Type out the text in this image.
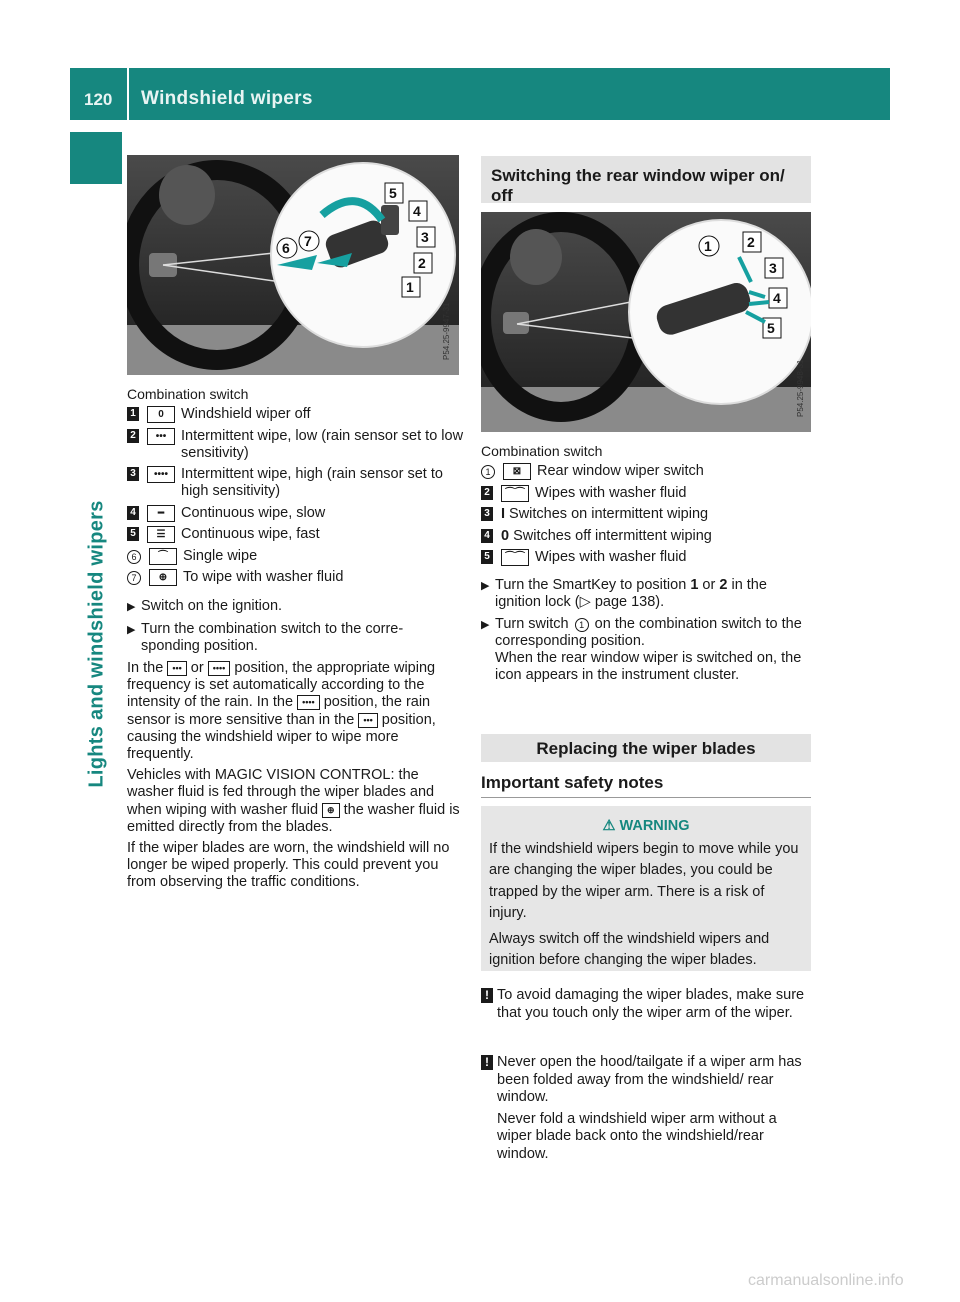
120 Windshield wipers
Lights and windshield wipers
5
4
3
2
1
6 7
P54.25-9947-31
Combination switch
1	0	Windshield wiper off
2	•••	Intermittent wipe, low (rain sensor set to low sensitivity)
3	•••• Intermittent wipe, high (rain sensor set to high sensitivity)
4	━	Continuous wipe, slow
5	☰	Continuous wipe, fast
6	⌒	Single wipe
7	⊕	To wipe with washer fluid
▶ Switch on the ignition.
▶ Turn the combination switch to the corre- sponding position.

In the ••• or •••• position, the appropriate wiping frequency is set automatically according to the intensity of the rain. In the •••• position, the rain sensor is more sensitive than in the ••• position, causing the windshield wiper to wipe more frequently.

Vehicles with MAGIC VISION CONTROL: the washer fluid is fed through the wiper blades and when wiping with washer fluid ⊕ the washer fluid is emitted directly from the blades.

If the wiper blades are worn, the windshield will no longer be wiped properly. This could prevent you from observing the traffic conditions.

Switching the rear window wiper on/ off
1	2
3
4
5
P54.25-9948-31
Combination switch
1	⊠	Rear window wiper switch
2	⌒⌒ Wipes with washer fluid
3 I Switches on intermittent wiping
4 0 Switches off intermittent wiping
5	⌒⌒ Wipes with washer fluid
▶ Turn the SmartKey to position 1 or 2 in the ignition lock (▷ page 138).
▶ Turn switch 1 on the combination switch to the corresponding position.
When the rear window wiper is switched on, the icon appears in the instrument cluster.
Replacing the wiper blades
Important safety notes
⚠ WARNING
If the windshield wipers begin to move while you are changing the wiper blades, you could be trapped by the wiper arm. There is a risk of injury.
Always switch off the windshield wipers and ignition before changing the wiper blades.
! To avoid damaging the wiper blades, make sure that you touch only the wiper arm of the wiper.
! Never open the hood/tailgate if a wiper arm has been folded away from the windshield/ rear window.

Never fold a windshield wiper arm without a wiper blade back onto the windshield/rear window.
carmanualsonline.info
